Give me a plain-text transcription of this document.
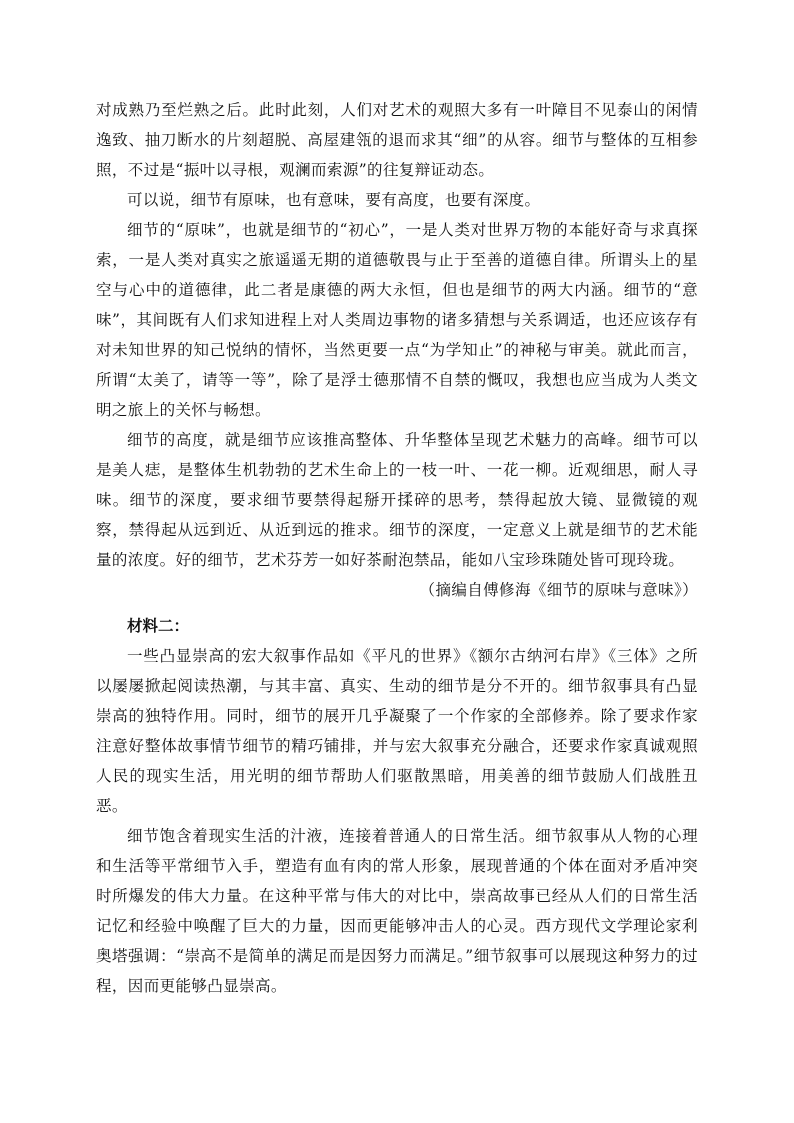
对成熟乃至烂熟之后。此时此刻，人们对艺术的观照大多有一叶障目不见泰山的闲情逸致、抽刀断水的片刻超脱、高屋建瓴的退而求其“细”的从容。细节与整体的互相参照，不过是“振叶以寻根，观澜而索源”的往复辩证动态。

可以说，细节有原味，也有意味，要有高度，也要有深度。

细节的“原味”，也就是细节的“初心”，一是人类对世界万物的本能好奇与求真探索，一是人类对真实之旅遥遥无期的道德敬畏与止于至善的道德自律。所谓头上的星空与心中的道德律，此二者是康德的两大永恒，但也是细节的两大内涵。细节的“意味”，其间既有人们求知进程上对人类周边事物的诸多猜想与关系调适，也还应该存有对未知世界的知己悦纳的情怀，当然更要一点“为学知止”的神秘与审美。就此而言，所谓“太美了，请等一等”，除了是浮士德那情不自禁的慨叹，我想也应当成为人类文明之旅上的关怀与畅想。

细节的高度，就是细节应该推高整体、升华整体呈现艺术魅力的高峰。细节可以是美人痣，是整体生机勃勃的艺术生命上的一枝一叶、一花一柳。近观细思，耐人寻味。细节的深度，要求细节要禁得起掰开揉碎的思考，禁得起放大镜、显微镜的观察，禁得起从远到近、从近到远的推求。细节的深度，一定意义上就是细节的艺术能量的浓度。好的细节，艺术芬芳一如好茶耐泡禁品，能如八宝珍珠随处皆可现玲珑。

（摘编自傅修海《细节的原味与意味》）

材料二：

一些凸显崇高的宏大叙事作品如《平凡的世界》《额尔古纳河右岸》《三体》之所以屡屡掀起阅读热潮，与其丰富、真实、生动的细节是分不开的。细节叙事具有凸显崇高的独特作用。同时，细节的展开几乎凝聚了一个作家的全部修养。除了要求作家注意好整体故事情节细节的精巧铺排，并与宏大叙事充分融合，还要求作家真诚观照人民的现实生活，用光明的细节帮助人们驱散黑暗，用美善的细节鼓励人们战胜丑恶。

细节饱含着现实生活的汁液，连接着普通人的日常生活。细节叙事从人物的心理和生活等平常细节入手，塑造有血有肉的常人形象，展现普通的个体在面对矛盾冲突时所爆发的伟大力量。在这种平常与伟大的对比中，崇高故事已经从人们的日常生活记忆和经验中唤醒了巨大的力量，因而更能够冲击人的心灵。西方现代文学理论家利奥塔强调：“崇高不是简单的满足而是因努力而满足。”细节叙事可以展现这种努力的过程，因而更能够凸显崇高。
